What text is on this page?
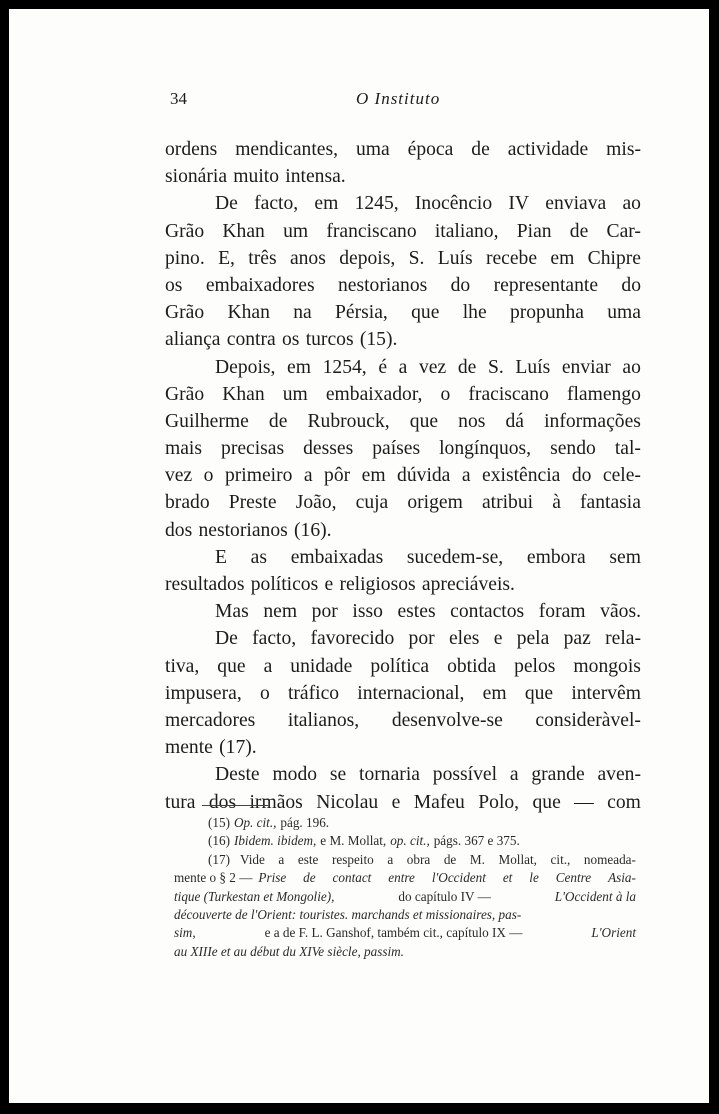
34	O Instituto
ordens mendicantes, uma época de actividade mis-
sionária muito intensa.
De facto, em 1245, Inocêncio IV enviava ao
Grão Khan um franciscano italiano, Pian de Car-
pino. E, três anos depois, S. Luís recebe em Chipre
os embaixadores nestorianos do representante do
Grão Khan na Pérsia, que lhe propunha uma
aliança contra os turcos (15).
Depois, em 1254, é a vez de S. Luís enviar ao
Grão Khan um embaixador, o fraciscano flamengo
Guilherme de Rubrouck, que nos dá informações
mais precisas desses países longínquos, sendo tal-
vez o primeiro a pôr em dúvida a existência do cele-
brado Preste João, cuja origem atribui à fantasia
dos nestorianos (16).
E as embaixadas sucedem-se, embora sem
resultados políticos e religiosos apreciáveis.
Mas nem por isso estes contactos foram vãos.
De facto, favorecido por eles e pela paz rela-
tiva, que a unidade política obtida pelos mongois
impusera, o tráfico internacional, em que intervêm
mercadores italianos, desenvolve-se consideràvel-
mente (17).
Deste modo se tornaria possível a grande aven-
tura dos irmãos Nicolau e Mafeu Polo, que — com
(15) Op. cit., pág. 196.
(16) Ibidem. ibidem, e M. Mollat, op. cit., págs. 367 e 375.
(17) Vide a este respeito a obra de M. Mollat, cit., nomeada-
mente o § 2 — Prise de contact entre l'Occident et le Centre Asia-
tique (Turkestan et Mongolie),	do capítulo IV —	L'Occident à la
découverte de l'Orient: touristes. marchands et missionaires, pas-
sim,	e a de F. L. Ganshof, também cit., capítulo IX —	L'Orient
au XIIIe et au début du XIVe siècle, passim.
